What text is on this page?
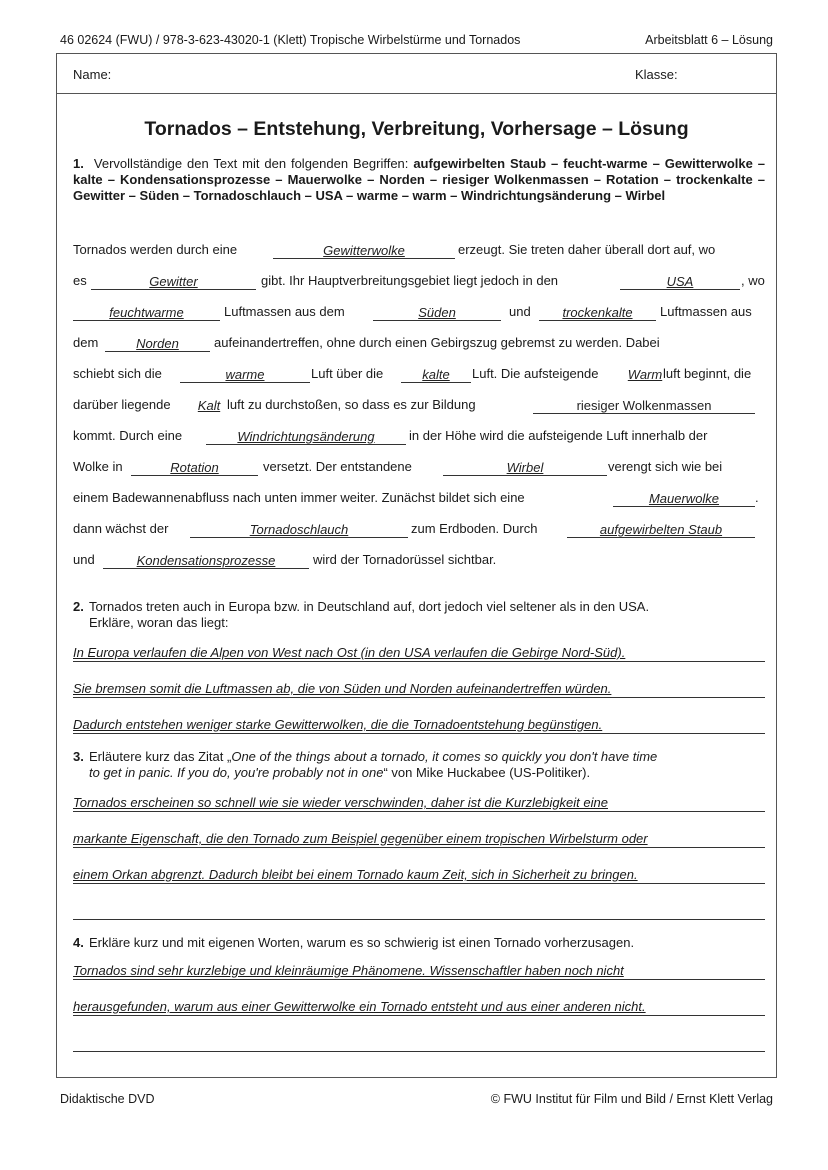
46 02624 (FWU) / 978-3-623-43020-1 (Klett) Tropische Wirbelstürme und Tornados	Arbeitsblatt 6 – Lösung
Name:	Klasse:
Tornados – Entstehung, Verbreitung, Vorhersage – Lösung
1. Vervollständige den Text mit den folgenden Begriffen: aufgewirbelten Staub – feucht-warme – Gewitterwolke – kalte – Kondensationsprozesse – Mauerwolke – Norden – riesiger Wolkenmassen – Rotation – trockenkalte – Gewitter – Süden – Tornadoschlauch – USA – warme – warm – Windrichtungsänderung – Wirbel
Tornados werden durch eine	Gewitterwolke	erzeugt. Sie treten daher überall dort auf, wo
es	Gewitter	gibt. Ihr Hauptverbreitungsgebiet liegt jedoch in den	USA	, wo
feuchtwarme	Luftmassen aus dem	Süden	und	trockenkalte	Luftmassen aus
dem	Norden	aufeinandertreffen, ohne durch einen Gebirgszug gebremst zu werden. Dabei
schiebt sich die	warme	Luft über die	kalte	Luft. Die aufsteigende Warm luft beginnt, die
darüber liegende	Kalt luft zu durchstoßen, so dass es zur Bildung	riesiger Wolkenmassen
kommt. Durch eine	Windrichtungsänderung	in der Höhe wird die aufsteigende Luft innerhalb der
Wolke in	Rotation	versetzt. Der entstandene	Wirbel	verengt sich wie bei
einem Badewannenabfluss nach unten immer weiter. Zunächst bildet sich eine	Mauerwolke	.
dann wächst der	Tornadoschlauch	zum Erdboden. Durch	aufgewirbelten Staub
und	Kondensationsprozesse	wird der Tornadorüssel sichtbar.
2. Tornados treten auch in Europa bzw. in Deutschland auf, dort jedoch viel seltener als in den USA.
Erkläre, woran das liegt:
In Europa verlaufen die Alpen von West nach Ost (in den USA verlaufen die Gebirge Nord-Süd).
Sie bremsen somit die Luftmassen ab, die von Süden und Norden aufeinandertreffen würden.
Dadurch entstehen weniger starke Gewitterwolken, die die Tornadoentstehung begünstigen.
3. Erläutere kurz das Zitat „One of the things about a tornado, it comes so quickly you don't have time
to get in panic. If you do, you're probably not in one“ von Mike Huckabee (US-Politiker).
Tornados erscheinen so schnell wie sie wieder verschwinden, daher ist die Kurzlebigkeit eine
markante Eigenschaft, die den Tornado zum Beispiel gegenüber einem tropischen Wirbelsturm oder
einem Orkan abgrenzt. Dadurch bleibt bei einem Tornado kaum Zeit, sich in Sicherheit zu bringen.
4. Erkläre kurz und mit eigenen Worten, warum es so schwierig ist einen Tornado vorherzusagen.
Tornados sind sehr kurzlebige und kleinräumige Phänomene. Wissenschaftler haben noch nicht
herausgefunden, warum aus einer Gewitterwolke ein Tornado entsteht und aus einer anderen nicht.
Didaktische DVD	© FWU Institut für Film und Bild / Ernst Klett Verlag
